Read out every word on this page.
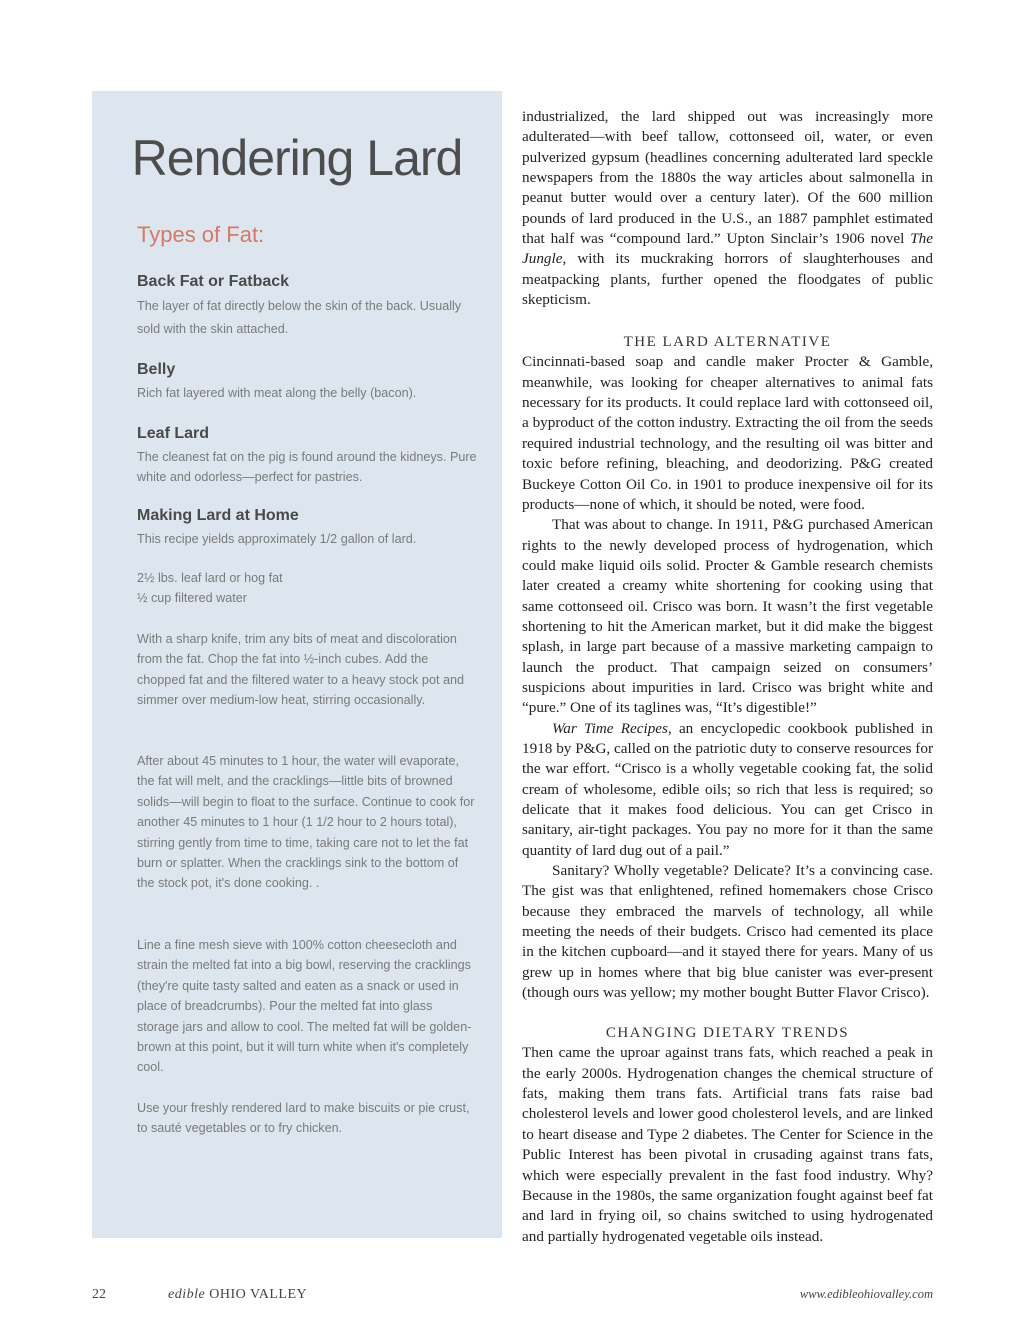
Rendering Lard
Types of Fat:
Back Fat or Fatback

The layer of fat directly below the skin of the back. Usually sold with the skin attached.

Belly

Rich fat layered with meat along the belly (bacon).

Leaf Lard

The cleanest fat on the pig is found around the kidneys. Pure white and odorless—perfect for pastries.

Making Lard at Home

This recipe yields approximately 1/2 gallon of lard.

2½ lbs. leaf lard or hog fat

½ cup filtered water

With a sharp knife, trim any bits of meat and discoloration from the fat. Chop the fat into ½-inch cubes. Add the chopped fat and the filtered water to a heavy stock pot and simmer over medium-low heat, stirring occasionally.

After about 45 minutes to 1 hour, the water will evaporate, the fat will melt, and the cracklings—little bits of browned solids—will begin to float to the surface. Continue to cook for another 45 minutes to 1 hour (1 1/2 hour to 2 hours total), stirring gently from time to time, taking care not to let the fat burn or splatter. When the cracklings sink to the bottom of the stock pot, it's done cooking. .

Line a fine mesh sieve with 100% cotton cheesecloth and strain the melted fat into a big bowl, reserving the cracklings (they're quite tasty salted and eaten as a snack or used in place of breadcrumbs). Pour the melted fat into glass storage jars and allow to cool. The melted fat will be golden-brown at this point, but it will turn white when it's completely cool.

Use your freshly rendered lard to make biscuits or pie crust, to sauté vegetables or to fry chicken.

industrialized, the lard shipped out was increasingly more adulterated—with beef tallow, cottonseed oil, water, or even pulverized gypsum (headlines concerning adulterated lard speckle newspapers from the 1880s the way articles about salmonella in peanut butter would over a century later). Of the 600 million pounds of lard produced in the U.S., an 1887 pamphlet estimated that half was “compound lard.” Upton Sinclair’s 1906 novel The Jungle, with its muckraking horrors of slaughterhouses and meatpacking plants, further opened the floodgates of public skepticism.

THE LARD ALTERNATIVE

Cincinnati-based soap and candle maker Procter & Gamble, meanwhile, was looking for cheaper alternatives to animal fats necessary for its products. It could replace lard with cottonseed oil, a byproduct of the cotton industry. Extracting the oil from the seeds required industrial technology, and the resulting oil was bitter and toxic before refining, bleaching, and deodorizing. P&G created Buckeye Cotton Oil Co. in 1901 to produce inexpensive oil for its products—none of which, it should be noted, were food.

That was about to change. In 1911, P&G purchased American rights to the newly developed process of hydrogenation, which could make liquid oils solid. Procter & Gamble research chemists later created a creamy white shortening for cooking using that same cottonseed oil. Crisco was born. It wasn’t the first vegetable shortening to hit the American market, but it did make the biggest splash, in large part because of a massive marketing campaign to launch the product. That campaign seized on consumers’ suspicions about impurities in lard. Crisco was bright white and “pure.” One of its taglines was, “It’s digestible!”

War Time Recipes, an encyclopedic cookbook published in 1918 by P&G, called on the patriotic duty to conserve resources for the war effort. “Crisco is a wholly vegetable cooking fat, the solid cream of wholesome, edible oils; so rich that less is required; so delicate that it makes food delicious. You can get Crisco in sanitary, air-tight packages. You pay no more for it than the same quantity of lard dug out of a pail.”

Sanitary? Wholly vegetable? Delicate? It’s a convincing case. The gist was that enlightened, refined homemakers chose Crisco because they embraced the marvels of technology, all while meeting the needs of their budgets. Crisco had cemented its place in the kitchen cupboard—and it stayed there for years. Many of us grew up in homes where that big blue canister was ever-present (though ours was yellow; my mother bought Butter Flavor Crisco).

CHANGING DIETARY TRENDS

Then came the uproar against trans fats, which reached a peak in the early 2000s. Hydrogenation changes the chemical structure of fats, making them trans fats. Artificial trans fats raise bad cholesterol levels and lower good cholesterol levels, and are linked to heart disease and Type 2 diabetes. The Center for Science in the Public Interest has been pivotal in crusading against trans fats, which were especially prevalent in the fast food industry. Why? Because in the 1980s, the same organization fought against beef fat and lard in frying oil, so chains switched to using hydrogenated and partially hydrogenated vegetable oils instead.

22	edible OHIO VALLEY	www.edibleohiovalley.com
